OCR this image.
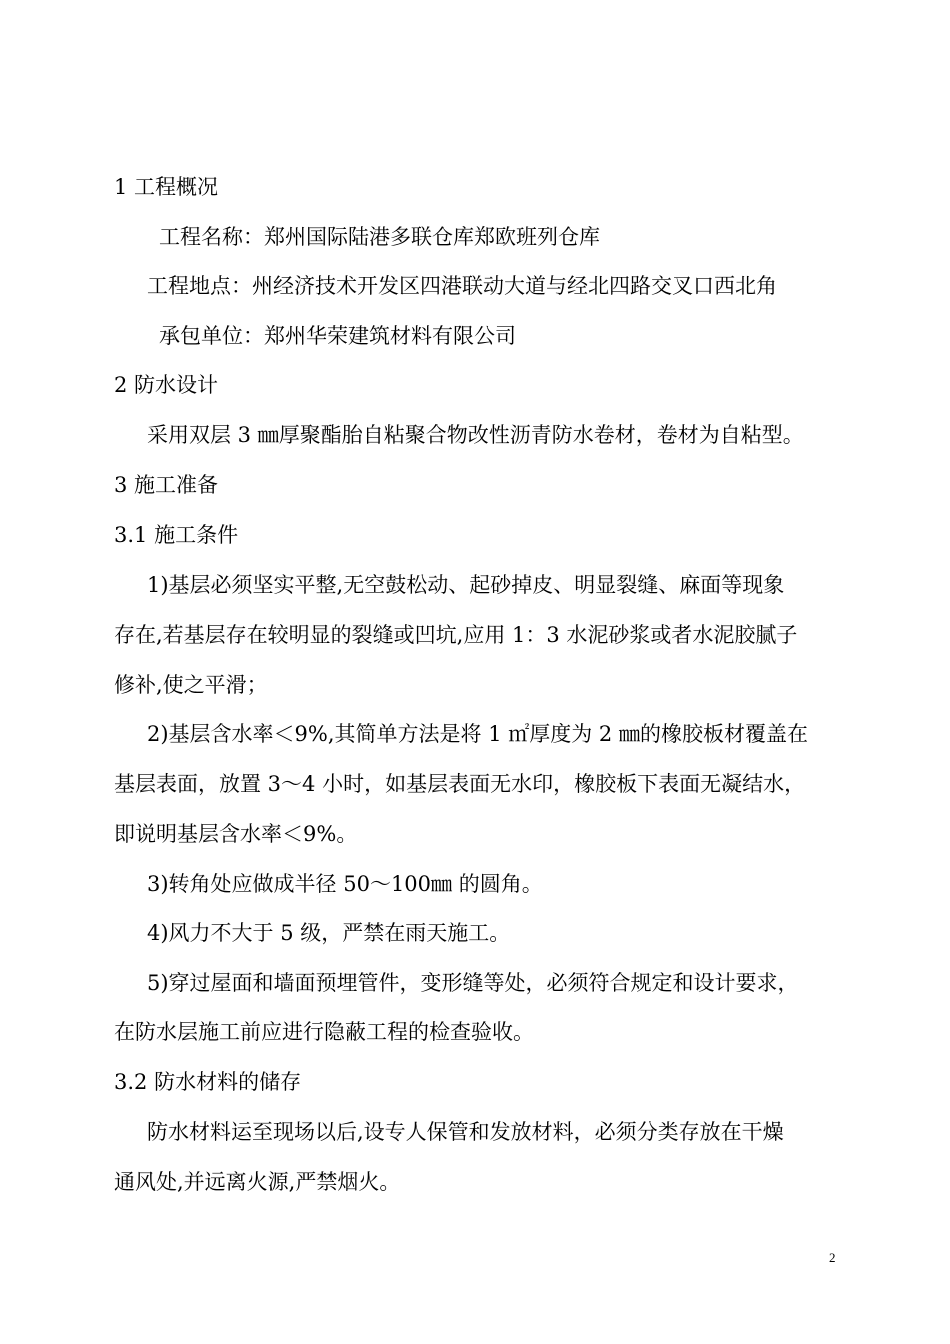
1 工程概况
工程名称：郑州国际陆港多联仓库郑欧班列仓库
工程地点：州经济技术开发区四港联动大道与经北四路交叉口西北角
承包单位：郑州华荣建筑材料有限公司
2 防水设计
采用双层 3 ㎜厚聚酯胎自粘聚合物改性沥青防水卷材，卷材为自粘型。
3 施工准备
3.1 施工条件
1)基层必须坚实平整,无空鼓松动、起砂掉皮、明显裂缝、麻面等现象
存在,若基层存在较明显的裂缝或凹坑,应用 1：3 水泥砂浆或者水泥胶腻子
修补,使之平滑；
2)基层含水率＜9%,其简单方法是将 1 ㎡厚度为 2 ㎜的橡胶板材覆盖在
基层表面，放置 3～4 小时，如基层表面无水印，橡胶板下表面无凝结水，
即说明基层含水率＜9%。
3)转角处应做成半径 50～100㎜ 的圆角。
4)风力不大于 5 级，严禁在雨天施工。
5)穿过屋面和墙面预埋管件，变形缝等处，必须符合规定和设计要求，
在防水层施工前应进行隐蔽工程的检查验收。
3.2 防水材料的储存
防水材料运至现场以后,设专人保管和发放材料，必须分类存放在干燥
通风处,并远离火源,严禁烟火。
2
